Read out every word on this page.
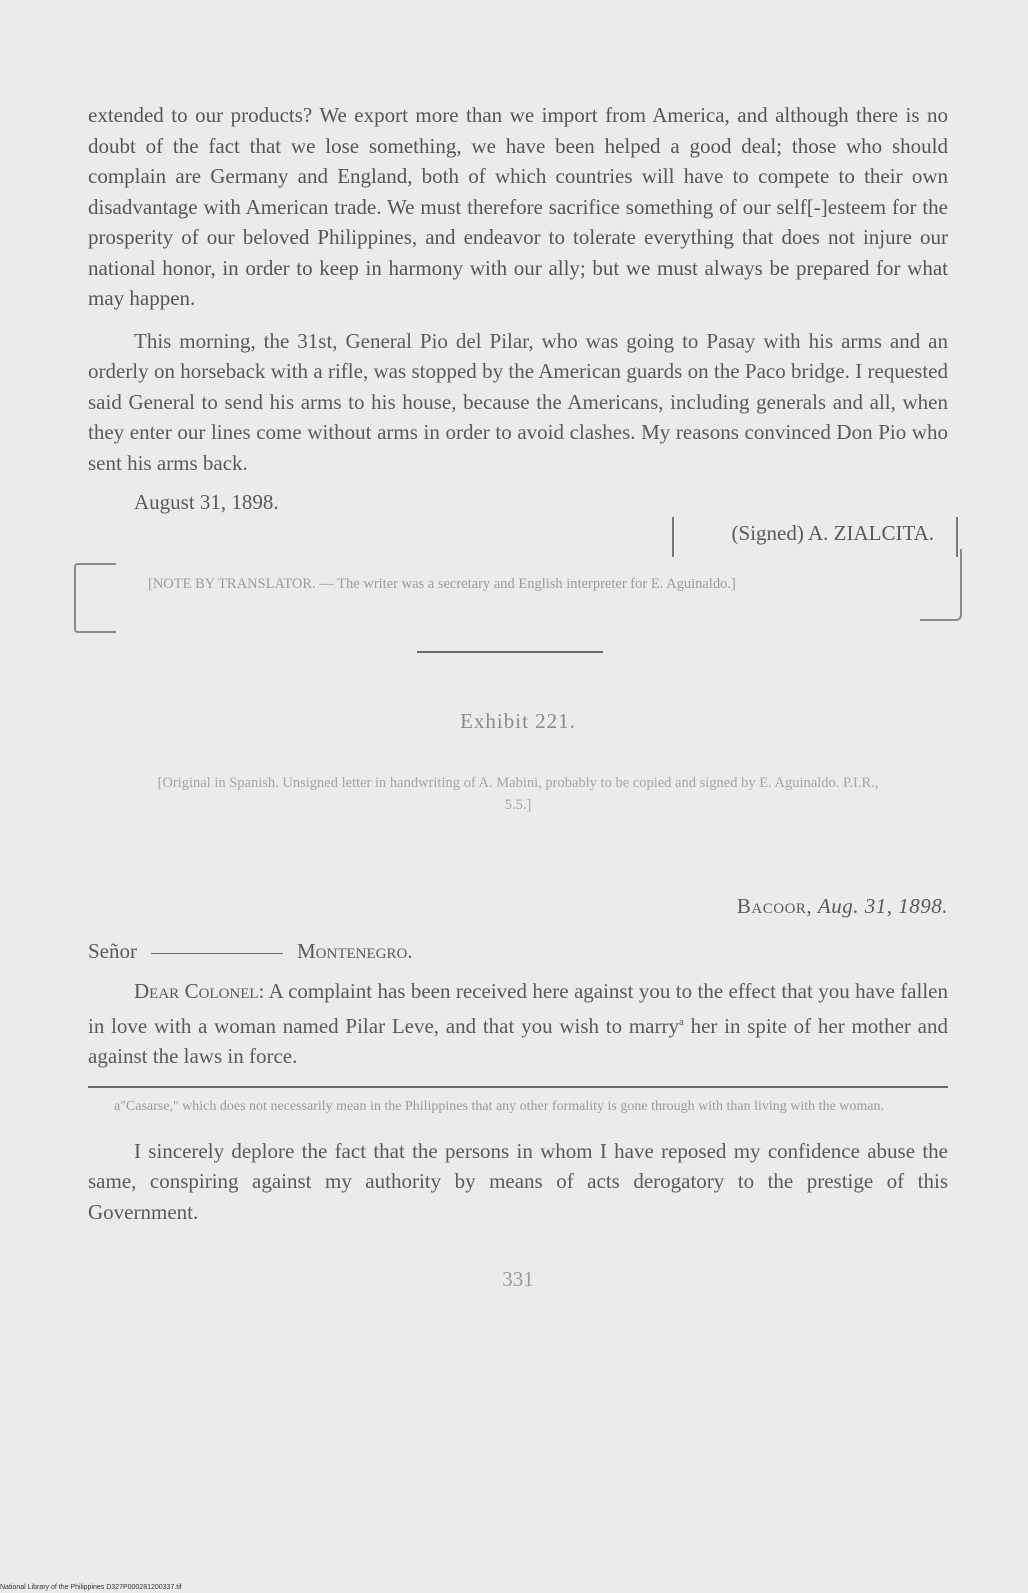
extended to our products? We export more than we import from America, and although there is no doubt of the fact that we lose something, we have been helped a good deal; those who should complain are Germany and England, both of which countries will have to compete to their own disadvantage with American trade. We must therefore sacrifice something of our self[-]esteem for the prosperity of our beloved Philippines, and endeavor to tolerate everything that does not injure our national honor, in order to keep in harmony with our ally; but we must always be prepared for what may happen.

This morning, the 31st, General Pio del Pilar, who was going to Pasay with his arms and an orderly on horseback with a rifle, was stopped by the American guards on the Paco bridge. I requested said General to send his arms to his house, because the Americans, including generals and all, when they enter our lines come without arms in order to avoid clashes. My reasons convinced Don Pio who sent his arms back.

August 31, 1898.
(Signed) A. ZIALCITA.
[NOTE BY TRANSLATOR. — The writer was a secretary and English interpreter for E. Aguinaldo.]
Exhibit 221.
[Original in Spanish. Unsigned letter in handwriting of A. Mabini, probably to be copied and signed by E. Aguinaldo. P.I.R., 5.5.]
Bacoor, Aug. 31, 1898.
Señor	Montenegro.

Dear Colonel: A complaint has been received here against you to the effect that you have fallen in love with a woman named Pilar Leve, and that you wish to marry$^a$ her in spite of her mother and against the laws in force.

a"Casarse," which does not necessarily mean in the Philippines that any other formality is gone through with than living with the woman.

I sincerely deplore the fact that the persons in whom I have reposed my confidence abuse the same, conspiring against my authority by means of acts derogatory to the prestige of this Government.

331
National Library of the Philippines D327P000281200337.tif
